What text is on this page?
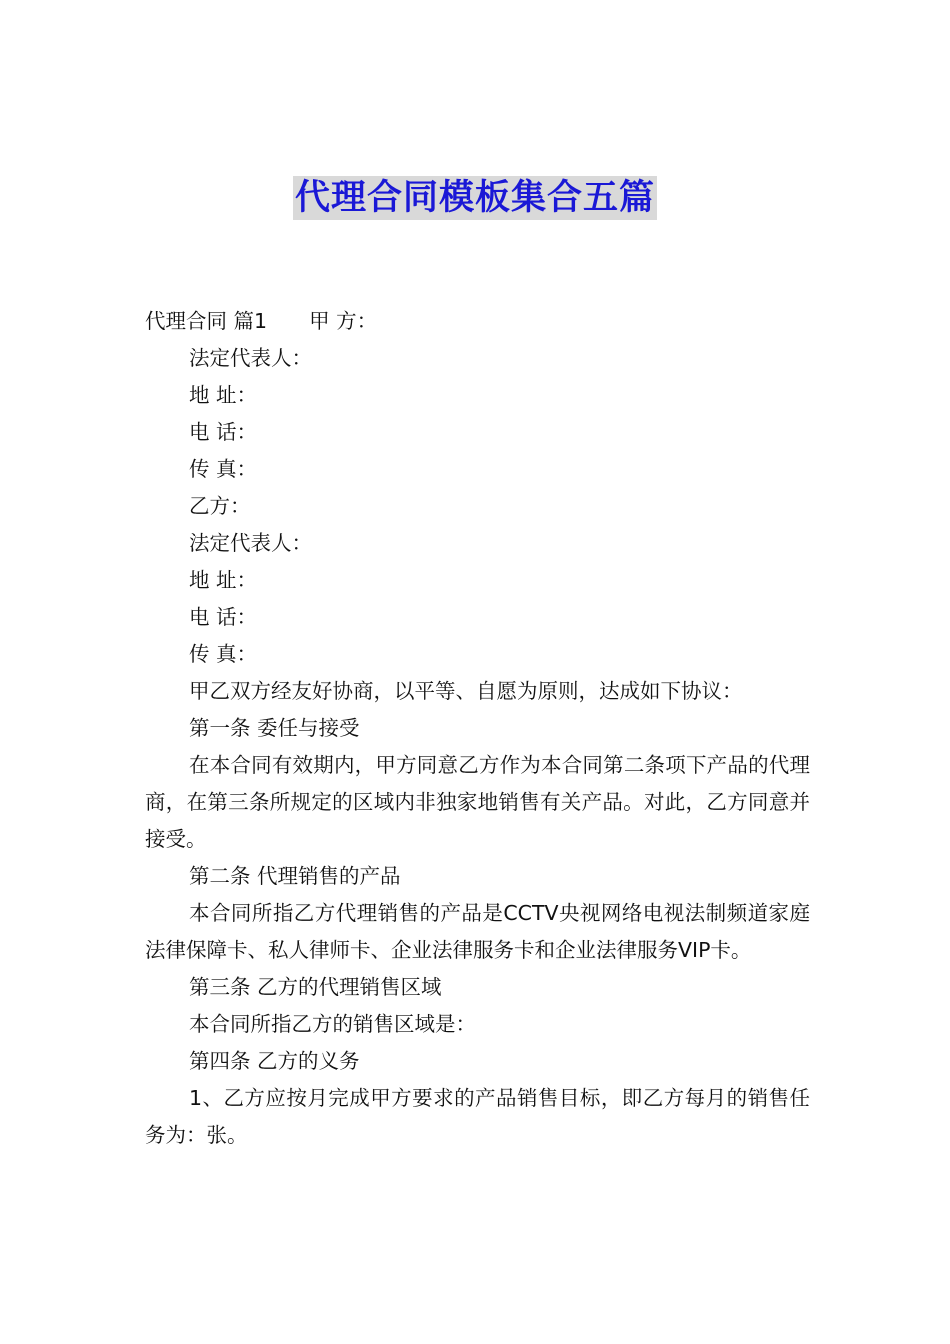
代理合同模板集合五篇
代理合同 篇1 甲 方：
法定代表人：
地 址：
电 话：
传 真：
乙方：
法定代表人：
地 址：
电 话：
传 真：
甲乙双方经友好协商，以平等、自愿为原则，达成如下协议：
第一条 委任与接受
在本合同有效期内，甲方同意乙方作为本合同第二条项下产品的代理商，在第三条所规定的区域内非独家地销售有关产品。对此，乙方同意并接受。
第二条 代理销售的产品
本合同所指乙方代理销售的产品是CCTV央视网络电视法制频道家庭法律保障卡、私人律师卡、企业法律服务卡和企业法律服务VIP卡。
第三条 乙方的代理销售区域
本合同所指乙方的销售区域是：
第四条 乙方的义务
1、乙方应按月完成甲方要求的产品销售目标，即乙方每月的销售任务为：张。
